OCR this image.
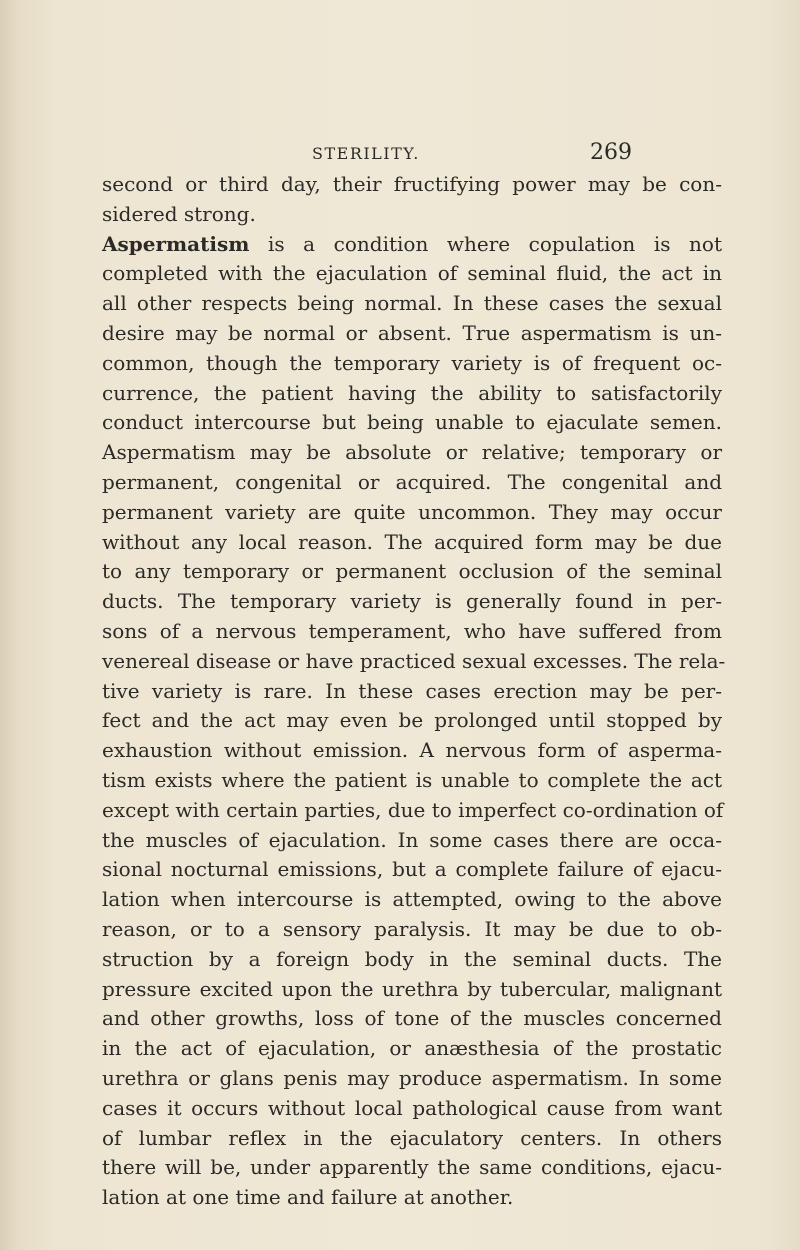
STERILITY.	269
second or third day, their fructifying power may be con-
sidered strong.
Aspermatism is a condition where copulation is not
completed with the ejaculation of seminal fluid, the act in
all other respects being normal. In these cases the sexual
desire may be normal or absent. True aspermatism is un-
common, though the temporary variety is of frequent oc-
currence, the patient having the ability to satisfactorily
conduct intercourse but being unable to ejaculate semen.
Aspermatism may be absolute or relative; temporary or
permanent, congenital or acquired. The congenital and
permanent variety are quite uncommon. They may occur
without any local reason. The acquired form may be due
to any temporary or permanent occlusion of the seminal
ducts. The temporary variety is generally found in per-
sons of a nervous temperament, who have suffered from
venereal disease or have practiced sexual excesses. The rela-
tive variety is rare. In these cases erection may be per-
fect and the act may even be prolonged until stopped by
exhaustion without emission. A nervous form of asperma-
tism exists where the patient is unable to complete the act
except with certain parties, due to imperfect co-ordination of
the muscles of ejaculation. In some cases there are occa-
sional nocturnal emissions, but a complete failure of ejacu-
lation when intercourse is attempted, owing to the above
reason, or to a sensory paralysis. It may be due to ob-
struction by a foreign body in the seminal ducts. The
pressure excited upon the urethra by tubercular, malignant
and other growths, loss of tone of the muscles concerned
in the act of ejaculation, or anæsthesia of the prostatic
urethra or glans penis may produce aspermatism. In some
cases it occurs without local pathological cause from want
of lumbar reflex in the ejaculatory centers. In others
there will be, under apparently the same conditions, ejacu-
lation at one time and failure at another.
